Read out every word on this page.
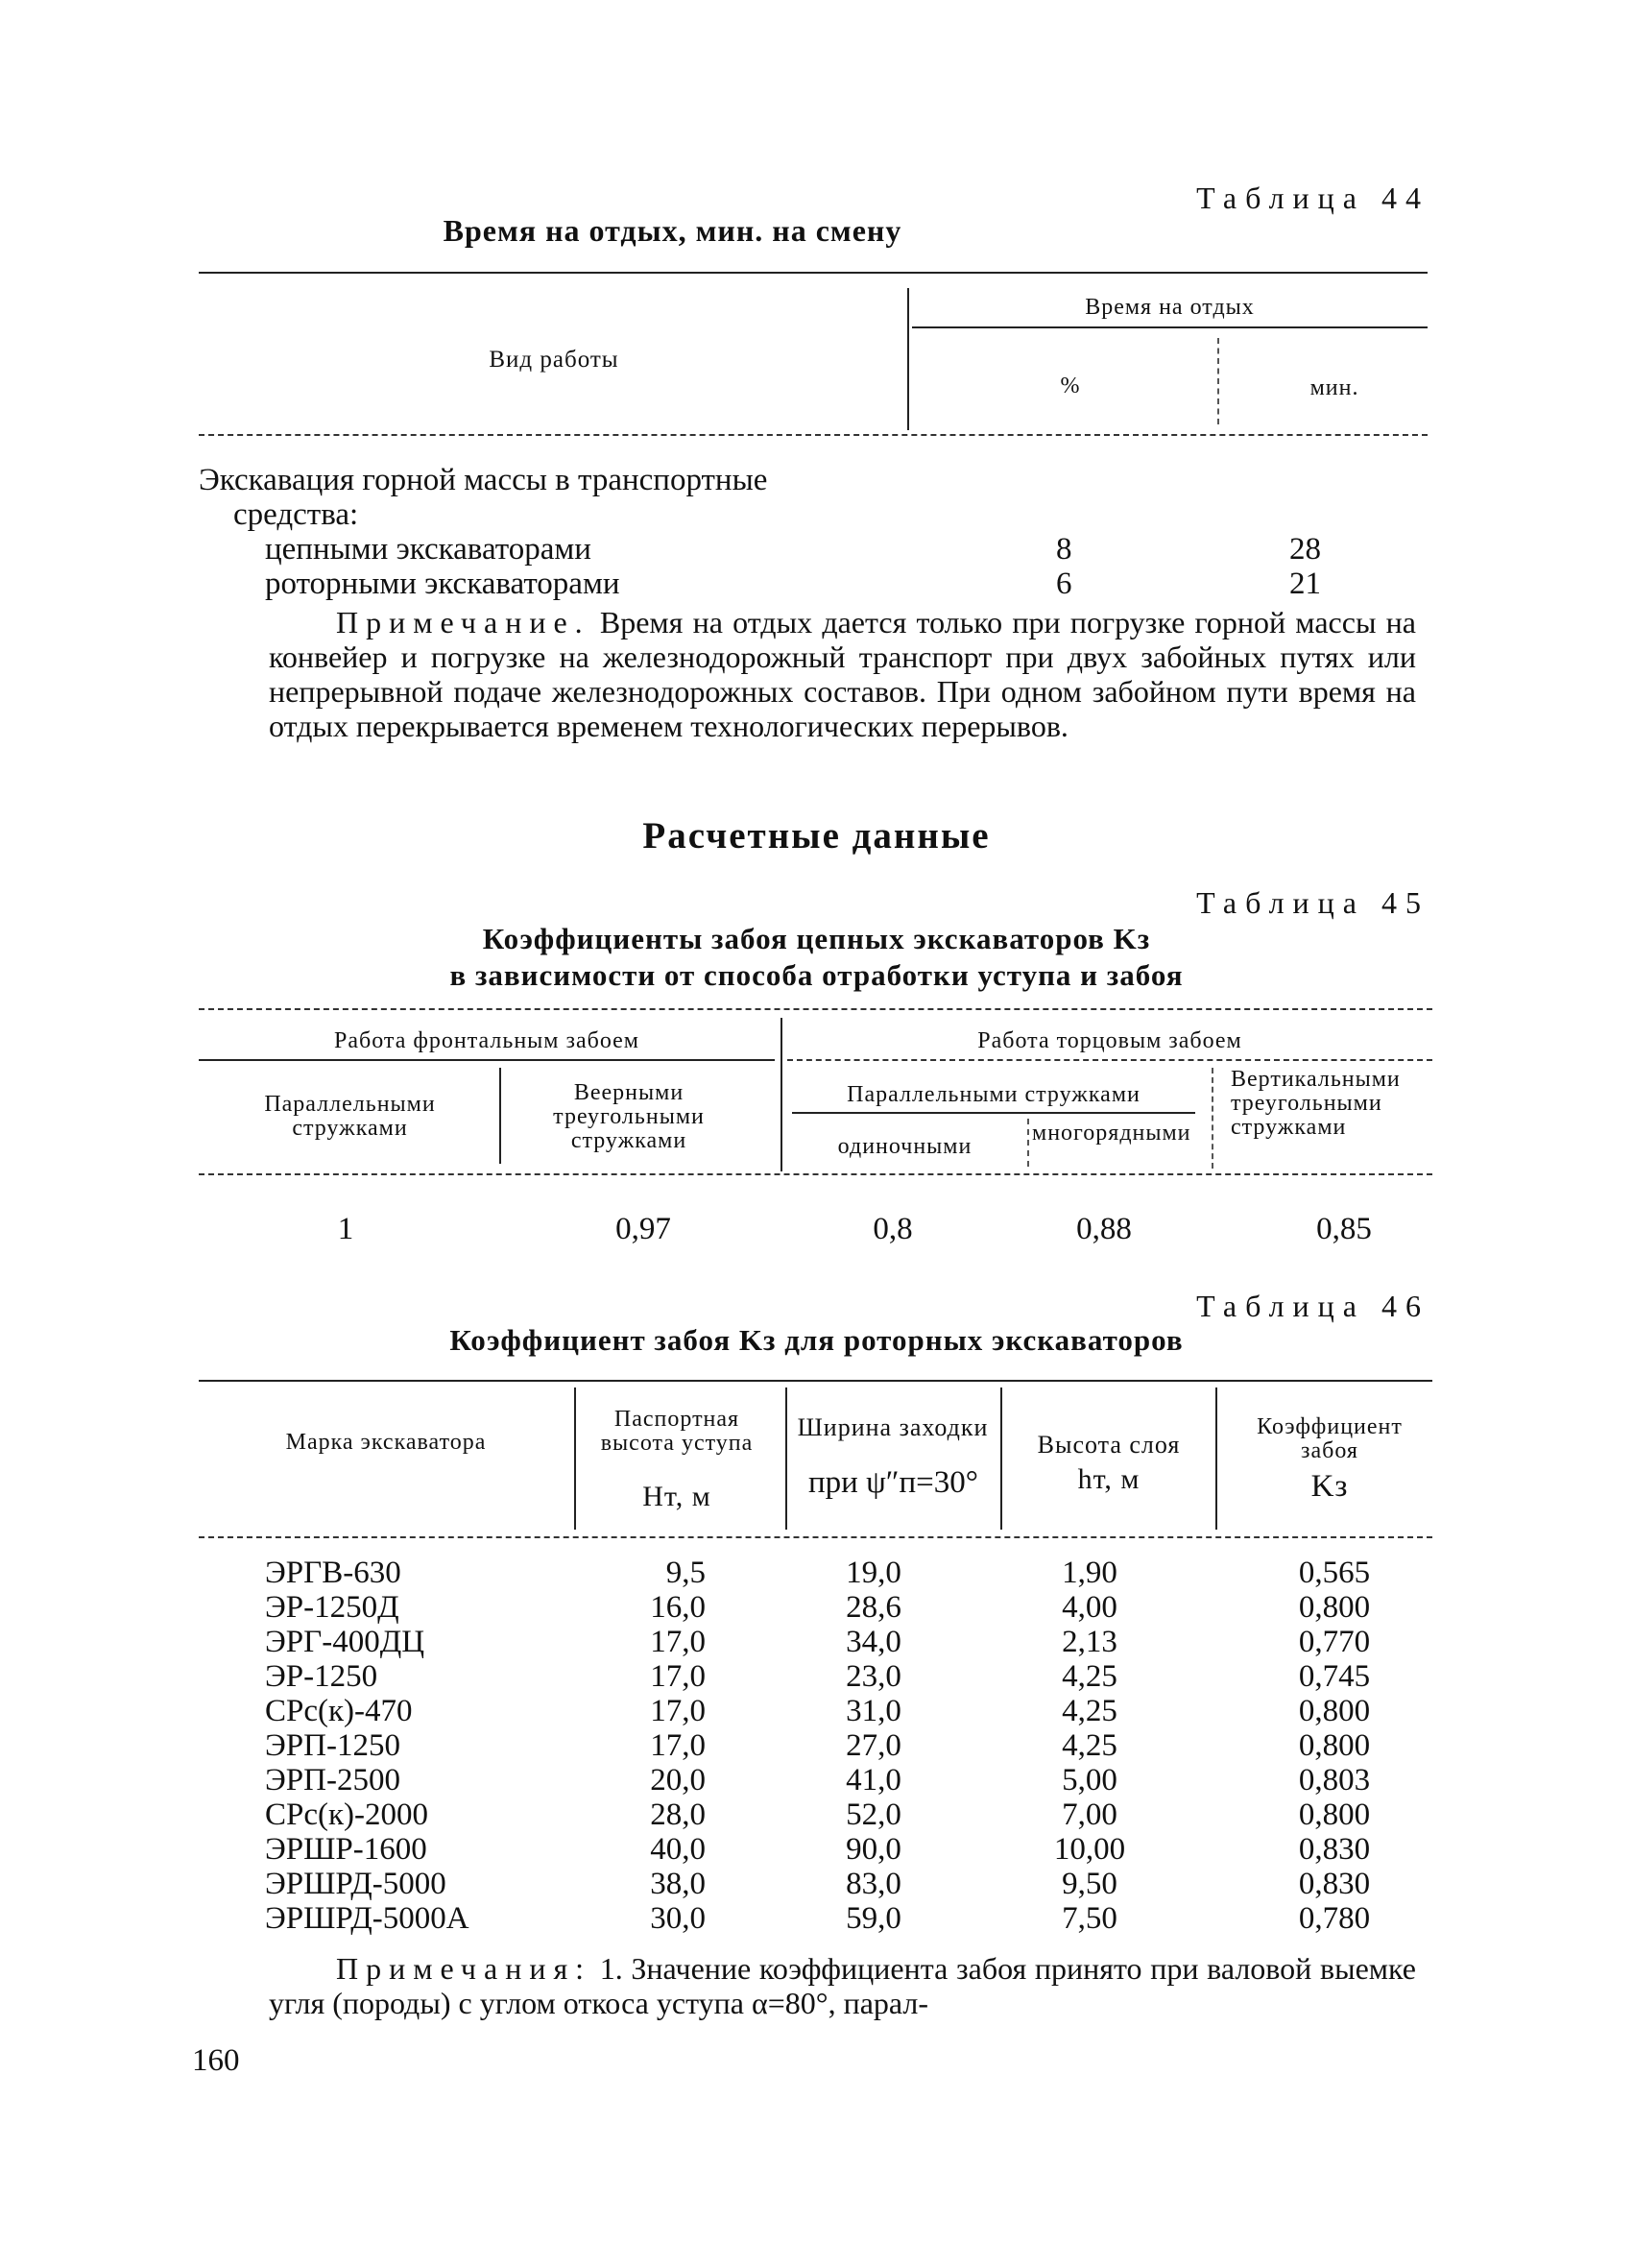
Таблица 44
Время на отдых, мин. на смену
Вид работы
Время на отдых
%	мин.
Экскавация горной массы в транспортные
средства:
цепными экскаваторами	8	28
роторными экскаваторами	6	21
Примечание. Время на отдых дается только при погрузке горной массы на конвейер и погрузке на железнодорожный транспорт при двух забойных путях или непрерывной подаче железнодорожных составов. При одном забойном пути время на отдых перекрывается временем технологических перерывов.
Расчетные данные
Таблица 45
Коэффициенты забоя цепных экскаваторов Kз
в зависимости от способа отработки уступа и забоя
Работа фронтальным забоем	Работа торцовым забоем
Параллельными стружками
Веерными треугольными стружками
Параллельными стружками
одиночными
многорядными
Вертикальными треугольными стружками
1	0,97	0,8	0,88	0,85
Таблица 46
Коэффициент забоя Kз для роторных экскаваторов
Марка экскаватора
Паспортная высота уступа
Hт, м
Ширина заходки
при ψ″п=30°
Высота слоя
hт, м
Коэффициент забоя
Kз
ЭРГВ-630	9,5	19,0	1,90	0,565
ЭР-1250Д	16,0	28,6	4,00	0,800
ЭРГ-400ДЦ	17,0	34,0	2,13	0,770
ЭР-1250	17,0	23,0	4,25	0,745
СРс(к)-470	17,0	31,0	4,25	0,800
ЭРП-1250	17,0	27,0	4,25	0,800
ЭРП-2500	20,0	41,0	5,00	0,803
СРс(к)-2000	28,0	52,0	7,00	0,800
ЭРШР-1600	40,0	90,0	10,00	0,830
ЭРШРД-5000	38,0	83,0	9,50	0,830
ЭРШРД-5000А	30,0	59,0	7,50	0,780
Примечания: 1. Значение коэффициента забоя принято при валовой выемке угля (породы) с углом откоса уступа α=80°, парал-
160
